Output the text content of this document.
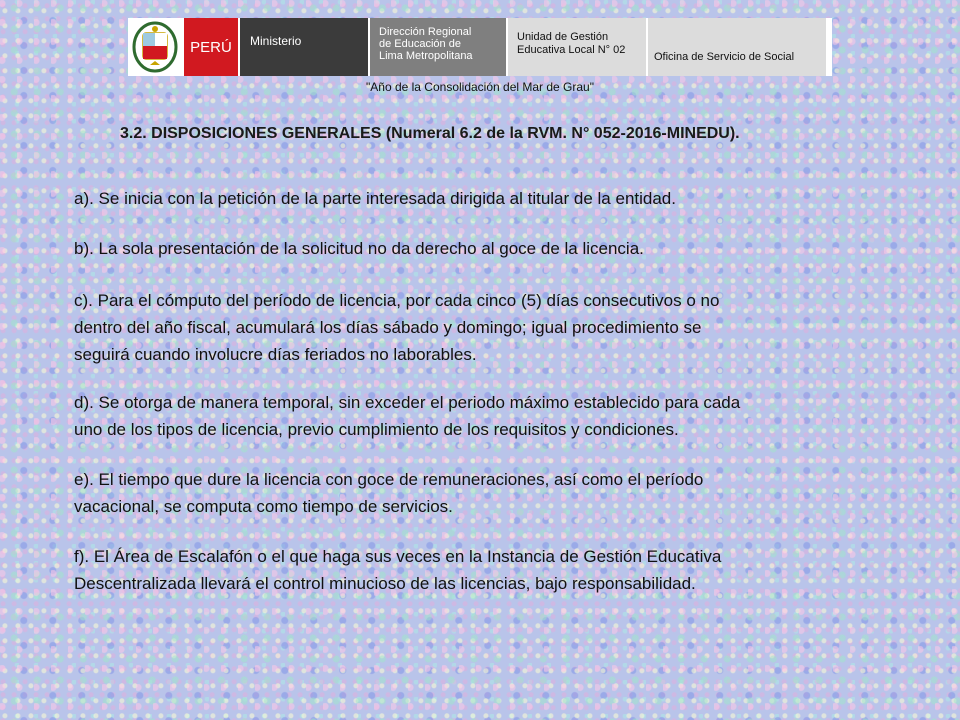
PERÚ	Ministerio
Dirección Regional
de Educación de
Lima Metropolitana
Unidad de Gestión
Educativa Local N° 02
Oficina de Servicio de Social
"Año de la Consolidación del Mar de Grau"
3.2. DISPOSICIONES GENERALES (Numeral 6.2 de la RVM. N° 052-2016-MINEDU).
a). Se inicia con la petición de la parte interesada dirigida al titular de la entidad.
b). La sola presentación de la solicitud no da derecho al goce de la licencia.
c). Para el cómputo del período de licencia, por cada cinco (5) días consecutivos o no
dentro del año fiscal, acumulará los días sábado y domingo; igual procedimiento se
seguirá cuando involucre días feriados no laborables.
d). Se otorga de manera temporal, sin exceder el periodo máximo establecido para cada
uno de los tipos de licencia, previo cumplimiento de los requisitos y condiciones.
e). El tiempo que dure la licencia con goce de remuneraciones, así como el período
vacacional, se computa como tiempo de servicios.
f). El Área de Escalafón o el que haga sus veces en la Instancia de Gestión Educativa
Descentralizada llevará el control minucioso de las licencias, bajo responsabilidad.
